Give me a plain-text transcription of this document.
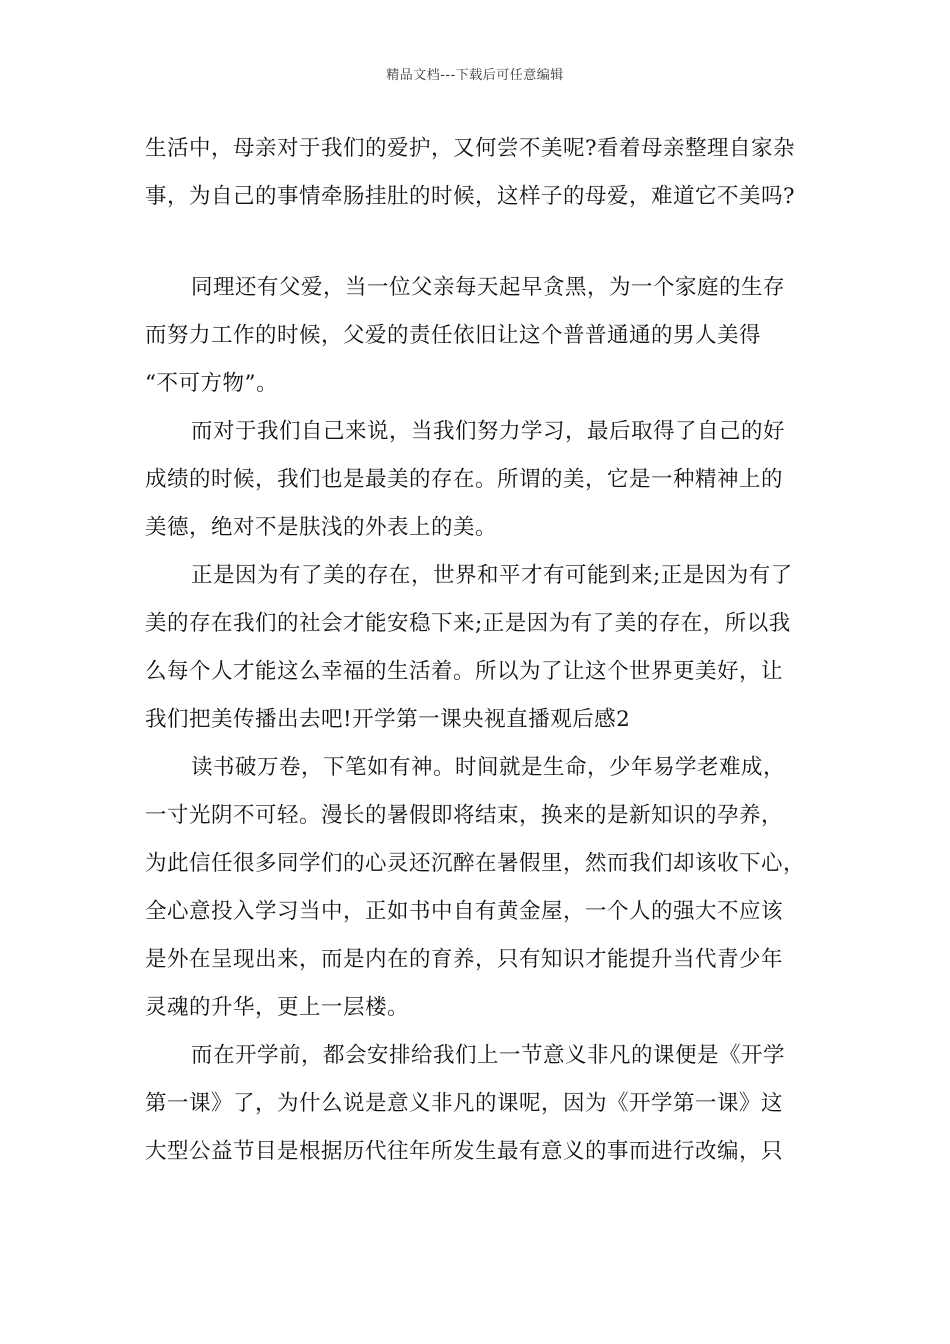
精品文档---下载后可任意编辑
生活中，母亲对于我们的爱护，又何尝不美呢?看着母亲整理自家杂
事，为自己的事情牵肠挂肚的时候，这样子的母爱，难道它不美吗?
同理还有父爱，当一位父亲每天起早贪黑，为一个家庭的生存
而努力工作的时候，父爱的责任依旧让这个普普通通的男人美得
“不可方物”。
而对于我们自己来说，当我们努力学习，最后取得了自己的好
成绩的时候，我们也是最美的存在。所谓的美，它是一种精神上的
美德，绝对不是肤浅的外表上的美。
正是因为有了美的存在，世界和平才有可能到来;正是因为有了
美的存在我们的社会才能安稳下来;正是因为有了美的存在，所以我
么每个人才能这么幸福的生活着。所以为了让这个世界更美好，让
我们把美传播出去吧!开学第一课央视直播观后感2
读书破万卷，下笔如有神。时间就是生命，少年易学老难成，
一寸光阴不可轻。漫长的暑假即将结束，换来的是新知识的孕养，
为此信任很多同学们的心灵还沉醉在暑假里，然而我们却该收下心，
全心意投入学习当中，正如书中自有黄金屋，一个人的强大不应该
是外在呈现出来，而是内在的育养，只有知识才能提升当代青少年
灵魂的升华，更上一层楼。
而在开学前，都会安排给我们上一节意义非凡的课便是《开学
第一课》了，为什么说是意义非凡的课呢，因为《开学第一课》这
大型公益节目是根据历代往年所发生最有意义的事而进行改编，只
